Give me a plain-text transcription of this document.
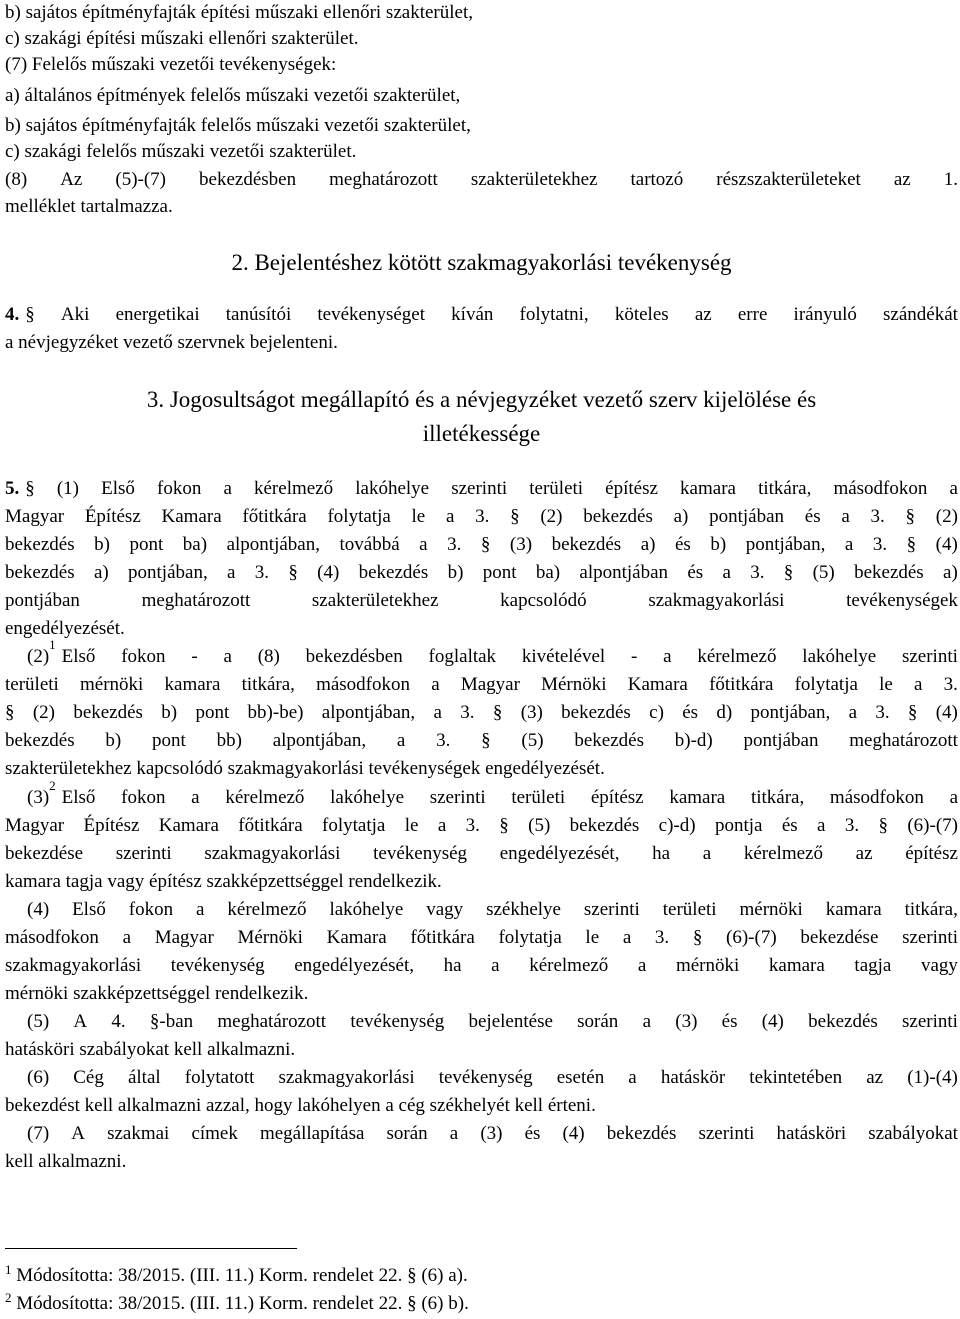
b) sajátos építményfajták építési műszaki ellenőri szakterület,
c) szakági építési műszaki ellenőri szakterület.
(7) Felelős műszaki vezetői tevékenységek:
a) általános építmények felelős műszaki vezetői szakterület,
b) sajátos építményfajták felelős műszaki vezetői szakterület,
c) szakági felelős műszaki vezetői szakterület.
(8) Az (5)-(7) bekezdésben meghatározott szakterületekhez tartozó részszakterületeket az 1.
melléklet tartalmazza.
2. Bejelentéshez kötött szakmagyakorlási tevékenység
4. § Aki energetikai tanúsítói tevékenységet kíván folytatni, köteles az erre irányuló szándékát
a névjegyzéket vezető szervnek bejelenteni.
3. Jogosultságot megállapító és a névjegyzéket vezető szerv kijelölése és
illetékessége
5. § (1) Első fokon a kérelmező lakóhelye szerinti területi építész kamara titkára, másodfokon a
Magyar Építész Kamara főtitkára folytatja le a 3. § (2) bekezdés a) pontjában és a 3. § (2)
bekezdés b) pont ba) alpontjában, továbbá a 3. § (3) bekezdés a) és b) pontjában, a 3. § (4)
bekezdés a) pontjában, a 3. § (4) bekezdés b) pont ba) alpontjában és a 3. § (5) bekezdés a)
pontjában	meghatározott	szakterületekhez	kapcsolódó	szakmagyakorlási	tevékenységek
engedélyezését.
(2)
1
Első fokon - a (8) bekezdésben foglaltak kivételével - a kérelmező lakóhelye szerinti
területi mérnöki kamara titkára, másodfokon a Magyar Mérnöki Kamara főtitkára folytatja le a 3.
§ (2) bekezdés b) pont bb)-be) alpontjában, a 3. § (3) bekezdés c) és d) pontjában, a 3. § (4)
bekezdés b) pont bb) alpontjában, a 3. § (5) bekezdés b)-d) pontjában meghatározott
szakterületekhez kapcsolódó szakmagyakorlási tevékenységek engedélyezését.
(3)
2
Első fokon a kérelmező lakóhelye szerinti területi építész kamara titkára, másodfokon a
Magyar Építész Kamara főtitkára folytatja le a 3. § (5) bekezdés c)-d) pontja és a 3. § (6)-(7)
bekezdése szerinti szakmagyakorlási tevékenység engedélyezését, ha a kérelmező az építész
kamara tagja vagy építész szakképzettséggel rendelkezik.
(4) Első fokon a kérelmező lakóhelye vagy székhelye szerinti területi mérnöki kamara titkára,
másodfokon a Magyar Mérnöki Kamara főtitkára folytatja le a 3. § (6)-(7) bekezdése szerinti
szakmagyakorlási tevékenység engedélyezését, ha a kérelmező a mérnöki kamara tagja vagy
mérnöki szakképzettséggel rendelkezik.
(5) A 4. §-ban meghatározott tevékenység bejelentése során a (3) és (4) bekezdés szerinti
hatásköri szabályokat kell alkalmazni.
(6) Cég által folytatott szakmagyakorlási tevékenység esetén a hatáskör tekintetében az (1)-(4)
bekezdést kell alkalmazni azzal, hogy lakóhelyen a cég székhelyét kell érteni.
(7) A szakmai címek megállapítása során a (3) és (4) bekezdés szerinti hatásköri szabályokat
kell alkalmazni.
$^1$ Módosította: 38/2015. (III. 11.) Korm. rendelet 22. § (6) a).
$^2$ Módosította: 38/2015. (III. 11.) Korm. rendelet 22. § (6) b).
